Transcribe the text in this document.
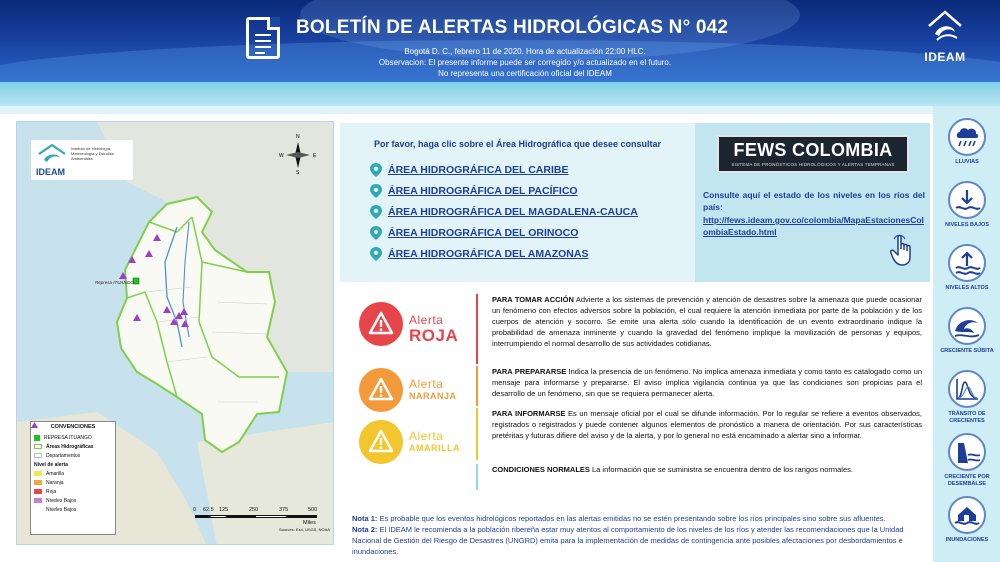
BOLETÍN DE ALERTAS HIDROLÓGICAS N° 042
Bogotá D. C., febrero 11 de 2020. Hora de actualización 22:00 HLC.
Observacion: El presente informe puede ser corregido y/o actualizado en el futuro.
No representa una certificación oficial del IDEAM
IDEAM
Represa ITUANGO
IDEAM
Instituto de Hidrología, Meteorología y Estudios Ambientales
N
S
E
W
CONVENCIONES
REPRESA ITUANGO
Áreas Hidrográficas
Departamentos
Nivel de alerta
Amarilla
Naranja
Roja
Niveles Bajos
Niveles Bajos	0 62.5 125	250	375	500
Miles
Sources: Esri, USGS, NOAA
Por favor, haga clic sobre el Área Hidrográfica que desee consultar
ÁREA HIDROGRÁFICA DEL CARIBE
ÁREA HIDROGRÁFICA DEL PACÍFICO
ÁREA HIDROGRÁFICA DEL MAGDALENA-CAUCA
ÁREA HIDROGRÁFICA DEL ORINOCO
ÁREA HIDROGRÁFICA DEL AMAZONAS
FEWS COLOMBIA
SISTEMA DE PRONÓSTICOS HIDROLÓGICOS Y ALERTAS TEMPRANAS
Consulte aquí el estado de los niveles en los ríos del país:
http://fews.ideam.gov.co/colombia/MapaEstacionesColombiaEstado.html
Alerta
ROJA
PARA TOMAR ACCIÓN Advierte a los sistemas de prevención y atención de desastres sobre la amenaza que puede ocasionar un fenómeno con efectos adversos sobre la población, el cual requiere la atención inmediata por parte de la población y de los cuerpos de atención y socorro. Se emite una alerta sólo cuando la identificación de un evento extraordinario indique la probabilidad de amenaza inminente y cuando la gravedad del fenómeno implique la movilización de personas y equipos, interrumpiendo el normal desarrollo de sus actividades cotidianas.
Alerta
NARANJA
PARA PREPARARSE Indica la presencia de un fenómeno. No implica amenaza inmediata y como tanto es catalogado como un mensaje para informarse y prepararse. El aviso implica vigilancia continua ya que las condiciones son propicias para el desarrollo de un fenómeno, sin que se requiera permanecer alerta.
Alerta
AMARILLA
PARA INFORMARSE Es un mensaje oficial por el cual se difunde información. Por lo regular se refiere a eventos observados, registrados o registrados y puede contener algunos elementos de pronóstico a manera de orientación. Por sus características pretéritas y futuras difiere del aviso y de la alerta, y por lo general no está encaminado a alertar sino a informar.
CONDICIONES NORMALES La información que se suministra se encuentra dentro de los rangos normales.
Nota 1: Es probable que los eventos hidrológicos reportados en las alertas emitidas no se estén presentando sobre los ríos principales sino sobre sus afluentes.
Nota 2: El IDEAM le recomienda a la población ribereña estar muy atentos al comportamiento de los niveles de los ríos y atender las recomendaciones que la Unidad Nacional de Gestión del Riesgo de Desastres (UNGRD) emita para la implementación de medidas de contingencia ante posibles afectaciones por desbordamientos e inundaciones.
LLUVIAS
NIVELES BAJOS
NIVELES ALTOS
CRECIENTE SÚBITA
TRÁNSITO DE CRECIENTES
CRECIENTE POR DESEMBALSE
INUNDACIONES
